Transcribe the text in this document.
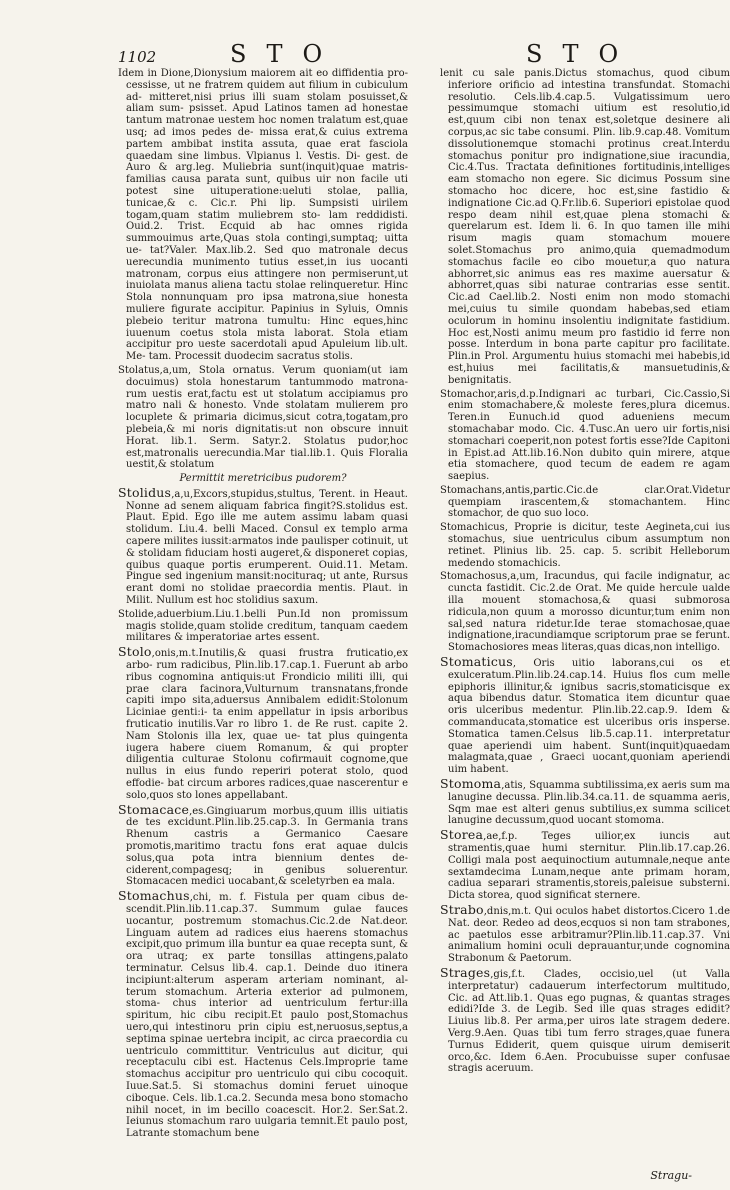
1102	STO	STO
Idem in Dione,Dionysium maiorem ait eo diffidentia pro- cessisse, ut ne fratrem quidem aut filium in cubiculum ad- mitteret,nisi prius illi suam stolam posuisset,& aliam sum- psisset. Apud Latinos tamen ad honestae tantum matronae uestem hoc nomen tralatum est,quae usq; ad imos pedes de- missa erat,& cuius extrema partem ambibat instita assuta, quae erat fasciola quaedam sine limbus. Vlpianus l. Vestis. Di- gest. de Auro & arg.leg. Muliebria sunt(inquit)quae matris- familias causa parata sunt, quibus uir non facile uti potest sine uituperatione:ueluti stolae, pallia, tunicae,& c. Cic.r. Phi lip. Sumpsisti uirilem togam,quam statim muliebrem sto- lam reddidisti. Ouid.2. Trist. Ecquid ab hac omnes rigida summouimus arte,Quas stola contingi,sumptaq; uitta ue- tat?Valer. Max.lib.2. Sed quo matronale decus uerecundia munimento tutius esset,in ius uocanti matronam, corpus eius attingere non permiserunt,ut inuiolata manus aliena tactu stolae relinqueretur. Hinc Stola nonnunquam pro ipsa matrona,siue honesta muliere figurate accipitur. Papinius in Syluis, Omnis plebeio teritur matrona tumultu: Hinc eques,hinc iuuenum coetus stola mista laborat. Stola etiam accipitur pro ueste sacerdotali apud Apuleium lib.ult. Me- tam. Processit duodecim sacratus stolis.
Stolatus,a,um, Stola ornatus. Verum quoniam(ut iam docuimus) stola honestarum tantummodo matrona- rum uestis erat,factu est ut stolatum accipiamus pro matro nali & honesto. Vnde stolatam mulierem pro locuplete & primaria dicimus,sicut cotra,togatam,pro plebeia,& mi noris dignitatis:ut non obscure innuit Horat. lib.1. Serm. Satyr.2. Stolatus pudor,hoc est,matronalis uerecundia.Mar tial.lib.1. Quis Floralia uestit,& stolatum
Permittit meretricibus pudorem?
Stolidus,a,u,Excors,stupidus,stultus, Terent. in Heaut. Nonne ad senem aliquam fabrica fingit?S.stolidus est. Plaut. Epid. Ego ille me autem assimu labam quasi stolidum. Liu.4. belli Maced. Consul ex templo arma capere milites iussit:armatos inde paulisper cotinuit, ut & stolidam fiduciam hosti augeret,& disponeret copias, quibus quaque portis erumperent. Ouid.11. Metam. Pingue sed ingenium mansit:nocituraq; ut ante, Rursus erant domi no stolidae praecordia mentis. Plaut. in Milit. Nullum est hoc stolidius saxum.
Stolide,aduerbium.Liu.1.belli Pun.Id non promissum magis stolide,quam stolide creditum, tanquam caedem militares & imperatoriae artes essent.
Stolo,onis,m.t.Inutilis,& quasi frustra fruticatio,ex arbo- rum radicibus, Plin.lib.17.cap.1. Fuerunt ab arbo ribus cognomina antiquis:ut Frondicio militi illi, qui prae clara facinora,Vulturnum transnatans,fronde capiti impo sita,aduersus Annibalem edidit:Stolonum Liciniae genti:i- ta enim appellatur in ipsis arboribus fruticatio inutilis.Var ro libro 1. de Re rust. capite 2. Nam Stolonis illa lex, quae ue- tat plus quingenta iugera habere ciuem Romanum, & qui propter diligentia culturae Stolonu cofirmauit cognome,que nullus in eius fundo reperiri poterat stolo, quod effodie- bat circum arbores radices,quae nascerentur e solo,quos sto lones appellabant.
Stomacace,es.Gingiuarum morbus,quum illis uitiatis de tes excidunt.Plin.lib.25.cap.3. In Germania trans Rhenum castris a Germanico Caesare promotis,maritimo tractu fons erat aquae dulcis solus,qua pota intra biennium dentes de- ciderent,compagesq; in genibus soluerentur. Stomacacen medici uocabant,& sceletyrben ea mala.
Stomachus,chi, m. f. Fistula per quam cibus de- scendit.Plin.lib.11.cap.37. Summum gulae fauces uocantur, postremum stomachus.Cic.2.de Nat.deor. Linguam autem ad radices eius haerens stomachus excipit,quo primum illa buntur ea quae recepta sunt, & ora utraq; ex parte tonsillas attingens,palato terminatur. Celsus lib.4. cap.1. Deinde duo itinera incipiunt:alterum asperam arteriam nominant, al- terum stomachum. Arteria exterior ad pulmonem, stoma- chus interior ad uentriculum fertur:illa spiritum, hic cibu recipit.Et paulo post,Stomachus uero,qui intestinoru prin cipiu est,neruosus,septus,a septima spinae uertebra incipit, ac circa praecordia cu uentriculo committitur. Ventriculus aut dicitur, qui receptaculu cibi est. Hactenus Cels.Improprie tame stomachus accipitur pro uentriculo qui cibu cocoquit. Iuue.Sat.5. Si stomachus domini feruet uinoque ciboque. Cels. lib.1.ca.2. Secunda mesa bono stomacho nihil nocet, in im becillo coacescit. Hor.2. Ser.Sat.2. Ieiunus stomachum raro uulgaria temnit.Et paulo post, Latrante stomachum bene
lenit cu sale panis.Dictus stomachus, quod cibum inferiore orificio ad intestina transfundat. Stomachi resolutio. Cels.lib.4.cap.5. Vulgatissimum uero pessimumque stomachi uitium est resolutio,id est,quum cibi non tenax est,soletque desinere ali corpus,ac sic tabe consumi. Plin. lib.9.cap.48. Vomitum dissolutionemque stomachi protinus creat.Interdu stomachus ponitur pro indignatione,siue iracundia, Cic.4.Tus. Tractata definitiones fortitudinis,intelliges eam stomacho non egere. Sic dicimus Possum sine stomacho hoc dicere, hoc est,sine fastidio & indignatione Cic.ad Q.Fr.lib.6. Superiori epistolae quod respo deam nihil est,quae plena stomachi & querelarum est. Idem li. 6. In quo tamen ille mihi risum magis quam stomachum mouere solet.Stomachus pro animo,quia quemadmodum stomachus facile eo cibo mouetur,a quo natura abhorret,sic animus eas res maxime auersatur & abhorret,quas sibi naturae contrarias esse sentit. Cic.ad Cael.lib.2. Nosti enim non modo stomachi mei,cuius tu simile quondam habebas,sed etiam oculorum in hominu insolentiu indignitate fastidium. Hoc est,Nosti animu meum pro fastidio id ferre non posse. Interdum in bona parte capitur pro facilitate. Plin.in Prol. Argumentu huius stomachi mei habebis,id est,huius mei facilitatis,& mansuetudinis,& benignitatis.
Stomachor,aris,d.p.Indignari ac turbari, Cic.Cassio,Si enim stomachabere,& moleste feres,plura dicemus. Teren.in Eunuch.id quod adueniens mecum stomachabar modo. Cic. 4.Tusc.An uero uir fortis,nisi stomachari coeperit,non potest fortis esse?Ide Capitoni in Epist.ad Att.lib.16.Non dubito quin mirere, atque etia stomachere, quod tecum de eadem re agam saepius.
Stomachans,antis,partic.Cic.de clar.Orat.Videtur quempiam irascentem,& stomachantem. Hinc stomachor, de quo suo loco.
Stomachicus, Proprie is dicitur, teste Aegineta,cui ius stomachus, siue uentriculus cibum assumptum non retinet. Plinius lib. 25. cap. 5. scribit Helleborum medendo stomachicis.
Stomachosus,a,um, Iracundus, qui facile indignatur, ac cuncta fastidit. Cic.2.de Orat. Me quide hercule ualde illa mouent stomachosa,& quasi submorosa ridicula,non quum a morosso dicuntur,tum enim non sal,sed natura ridetur.Ide terae stomachosae,quae indignatione,iracundiamque scriptorum prae se ferunt. Stomachosiores meas literas,quas dicas,non intelligo.
Stomaticus, Oris uitio laborans,cui os et exulceratum.Plin.lib.24.cap.14. Huius flos cum melle epiphoris illinitur,& ignibus sacris,stomaticisque ex aqua bibendus datur. Stomatica item dicuntur quae oris ulceribus medentur. Plin.lib.22.cap.9. Idem & commanducata,stomatice est ulceribus oris insperse. Stomatica tamen.Celsus lib.5.cap.11. interpretatur quae aperiendi uim habent. Sunt(inquit)quaedam malagmata,quae , Graeci uocant,quoniam aperiendi uim habent.
Stomoma,atis, Squamma subtilissima,ex aeris sum ma lanugine decussa. Plin.lib.34.ca.11. de squamma aeris, Sqm mae est alteri genus subtilius,ex summa scilicet lanugine decussum,quod uocant stomoma.
Storea,ae,f.p. Teges uilior,ex iuncis aut stramentis,quae humi sternitur. Plin.lib.17.cap.26. Colligi mala post aequinoctium autumnale,neque ante sextamdecima Lunam,neque ante primam horam, cadiua separari stramentis,storeis,paleisue substerni. Dicta storea, quod significat sternere.
Strabo,dnis,m.t. Qui oculos habet distortos.Cicero 1.de Nat. deor. Redeo ad deos,ecquos si non tam strabones, ac paetulos esse arbitramur?Plin.lib.11.cap.37. Vni animalium homini oculi deprauantur,unde cognomina Strabonum & Paetorum.
Strages,gis,f.t. Clades, occisio,uel (ut Valla interpretatur) cadauerum interfectorum multitudo, Cic. ad Att.lib.1. Quas ego pugnas, & quantas strages edidi?Ide 3. de Legib. Sed ille quas strages edidit?Liuius lib.8. Per arma,per uiros late stragem dedere. Verg.9.Aen. Quas tibi tum ferro strages,quae funera Turnus Ediderit, quem quisque uirum demiserit orco,&c. Idem 6.Aen. Procubuisse super confusae stragis aceruum.
Stragu-
